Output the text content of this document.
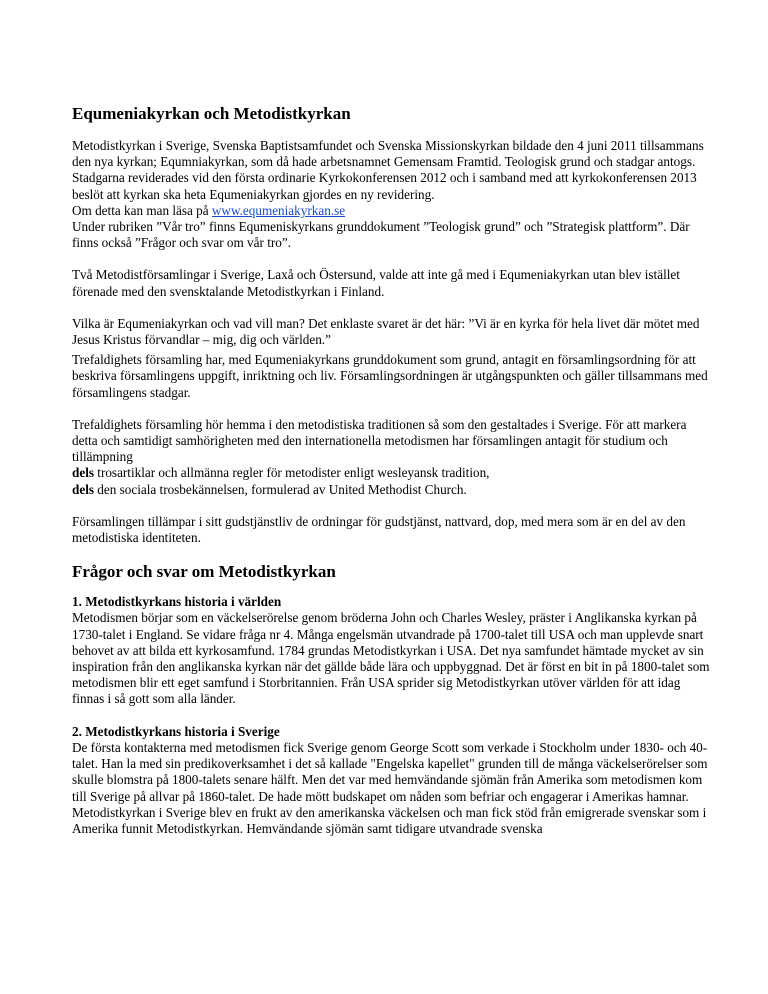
Equmeniakyrkan och Metodistkyrkan

Metodistkyrkan i Sverige, Svenska Baptistsamfundet och Svenska Missionskyrkan bildade den 4 juni 2011 tillsammans den nya kyrkan; Equmniakyrkan, som då hade arbetsnamnet Gemensam Framtid. Teologisk grund och stadgar antogs. Stadgarna reviderades vid den första ordinarie Kyrkokonferensen 2012 och i samband med att kyrkokonferensen 2013 beslöt att kyrkan ska heta Equmeniakyrkan gjordes en ny revidering.

Om detta kan man läsa på www.equmeniakyrkan.se

Under rubriken ”Vår tro” finns Equmeniskyrkans grunddokument ”Teologisk grund” och ”Strategisk plattform”. Där finns också ”Frågor och svar om vår tro”.

Två Metodistförsamlingar i Sverige, Laxå och Östersund, valde att inte gå med i Equmeniakyrkan utan blev istället förenade med den svensktalande Metodistkyrkan i Finland.

Vilka är Equmeniakyrkan och vad vill man? Det enklaste svaret är det här: ”Vi är en kyrka för hela livet där mötet med Jesus Kristus förvandlar – mig, dig och världen.”

Trefaldighets församling har, med Equmeniakyrkans grunddokument som grund, antagit en församlingsordning för att beskriva församlingens uppgift, inriktning och liv. Församlingsordningen är utgångspunkten och gäller tillsammans med församlingens stadgar.

Trefaldighets församling hör hemma i den metodistiska traditionen så som den gestaltades i Sverige. För att markera detta och samtidigt samhörigheten med den internationella metodismen har församlingen antagit för studium och tillämpning

dels trosartiklar och allmänna regler för metodister enligt wesleyansk tradition,

dels den sociala trosbekännelsen, formulerad av United Methodist Church.

Församlingen tillämpar i sitt gudstjänstliv de ordningar för gudstjänst, nattvard, dop, med mera som är en del av den metodistiska identiteten.

Frågor och svar om Metodistkyrkan

1. Metodistkyrkans historia i världen

Metodismen börjar som en väckelserörelse genom bröderna John och Charles Wesley, präster i Anglikanska kyrkan på 1730-talet i England. Se vidare fråga nr 4. Många engelsmän utvandrade på 1700-talet till USA och man upplevde snart behovet av att bilda ett kyrkosamfund. 1784 grundas Metodistkyrkan i USA. Det nya samfundet hämtade mycket av sin inspiration från den anglikanska kyrkan när det gällde både lära och uppbyggnad. Det är först en bit in på 1800-talet som metodismen blir ett eget samfund i Storbritannien. Från USA sprider sig Metodistkyrkan utöver världen för att idag finnas i så gott som alla länder.

2. Metodistkyrkans historia i Sverige

De första kontakterna med metodismen fick Sverige genom George Scott som verkade i Stockholm under 1830- och 40-talet. Han la med sin predikoverksamhet i det så kallade "Engelska kapellet" grunden till de många väckelserörelser som skulle blomstra på 1800-talets senare hälft. Men det var med hemvändande sjömän från Amerika som metodismen kom till Sverige på allvar på 1860-talet. De hade mött budskapet om nåden som befriar och engagerar i Amerikas hamnar. Metodistkyrkan i Sverige blev en frukt av den amerikanska väckelsen och man fick stöd från emigrerade svenskar som i Amerika funnit Metodistkyrkan. Hemvändande sjömän samt tidigare utvandrade svenska
